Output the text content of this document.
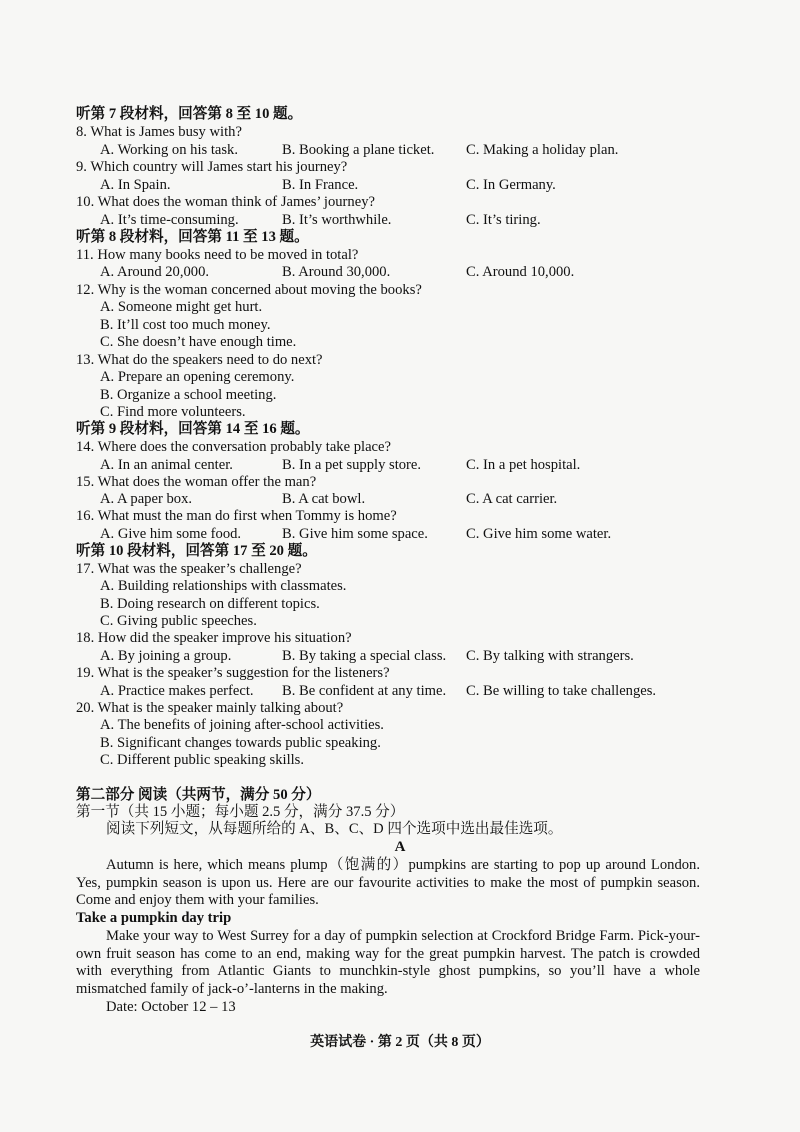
听第 7 段材料，回答第 8 至 10 题。
8. What is James busy with?
A. Working on his task.	B. Booking a plane ticket. C. Making a holiday plan.
9. Which country will James start his journey?
A. In Spain.	B. In France.	C. In Germany.
10. What does the woman think of James’ journey?
A. It’s time-consuming.	B. It’s worthwhile.	C. It’s tiring.
听第 8 段材料，回答第 11 至 13 题。
11. How many books need to be moved in total?
A. Around 20,000.	B. Around 30,000.	C. Around 10,000.
12. Why is the woman concerned about moving the books?
A. Someone might get hurt.
B. It’ll cost too much money.
C. She doesn’t have enough time.
13. What do the speakers need to do next?
A. Prepare an opening ceremony.
B. Organize a school meeting.
C. Find more volunteers.
听第 9 段材料，回答第 14 至 16 题。
14. Where does the conversation probably take place?
A. In an animal center.	B. In a pet supply store.	C. In a pet hospital.
15. What does the woman offer the man?
A. A paper box.	B. A cat bowl.	C. A cat carrier.
16. What must the man do first when Tommy is home?
A. Give him some food.	B. Give him some space.	C. Give him some water.
听第 10 段材料，回答第 17 至 20 题。
17. What was the speaker’s challenge?
A. Building relationships with classmates.
B. Doing research on different topics.
C. Giving public speeches.
18. How did the speaker improve his situation?
A. By joining a group.	B. By taking a special class. C. By talking with strangers.
19. What is the speaker’s suggestion for the listeners?
A. Practice makes perfect. B. Be confident at any time. C. Be willing to take challenges.
20. What is the speaker mainly talking about?
A. The benefits of joining after-school activities.
B. Significant changes towards public speaking.
C. Different public speaking skills.
第二部分 阅读（共两节，满分 50 分）
第一节（共 15 小题；每小题 2.5 分，满分 37.5 分）
阅读下列短文，从每题所给的 A、B、C、D 四个选项中选出最佳选项。
A
Autumn is here, which means plump（饱满的）pumpkins are starting to pop up around London. Yes, pumpkin season is upon us. Here are our favourite activities to make the most of pumpkin season. Come and enjoy them with your families.
Take a pumpkin day trip
Make your way to West Surrey for a day of pumpkin selection at Crockford Bridge Farm. Pick-your-own fruit season has come to an end, making way for the great pumpkin harvest. The patch is crowded with everything from Atlantic Giants to munchkin-style ghost pumpkins, so you’ll have a whole mismatched family of jack-o’-lanterns in the making.
Date: October 12 – 13
英语试卷 · 第 2 页（共 8 页）
